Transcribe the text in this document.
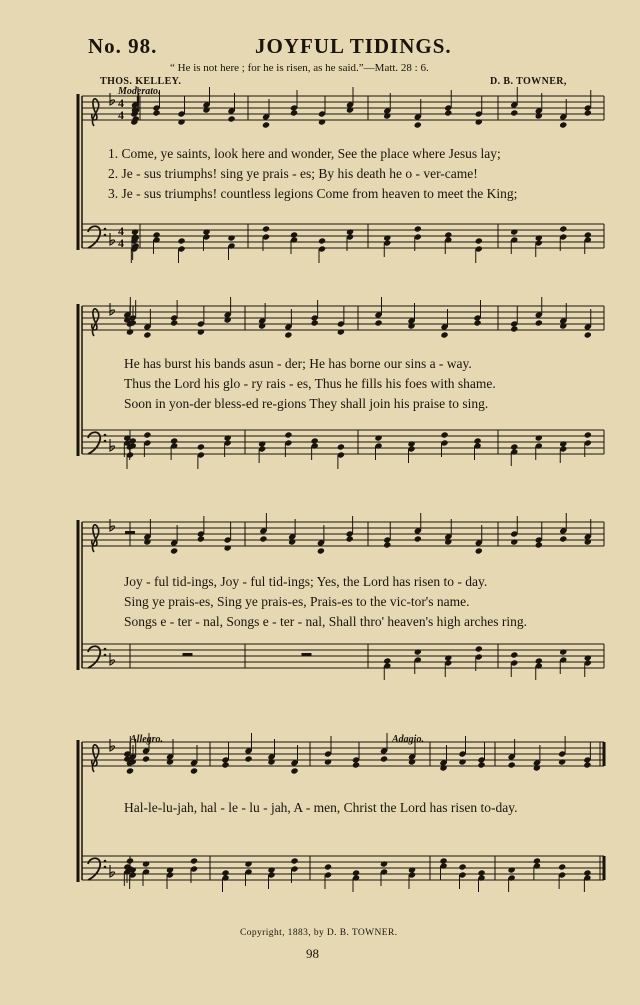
No. 98.	JOYFUL TIDINGS.
“ He is not here ; for he is risen, as he said.”—Matt. 28 : 6.
THOS. KELLEY.	D. B. TOWNER,
Moderato.
1. Come, ye saints, look here and wonder, See the place where Jesus lay;
2. Je - sus triumphs! sing ye prais - es; By his death he o - ver-came!
3. Je - sus triumphs! countless legions Come from heaven to meet the King;
He has burst his bands asun - der; He has borne our sins a - way.
Thus the Lord his glo - ry rais - es, Thus he fills his foes with shame.
Soon in yon-der bless-ed re-gions They shall join his praise to sing.
Joy - ful tid-ings, Joy - ful tid-ings; Yes, the Lord has risen to - day.
Sing ye prais-es, Sing ye prais-es, Prais-es to the vic-tor's name.
Songs e - ter - nal, Songs e - ter - nal, Shall thro' heaven's high arches ring.
Allegro.	Adagio.
Hal-le-lu-jah, hal - le - lu - jah, A - men, Christ the Lord has risen to-day.
Copyright, 1883, by D. B. TOWNER.
98
4
4
4
4
